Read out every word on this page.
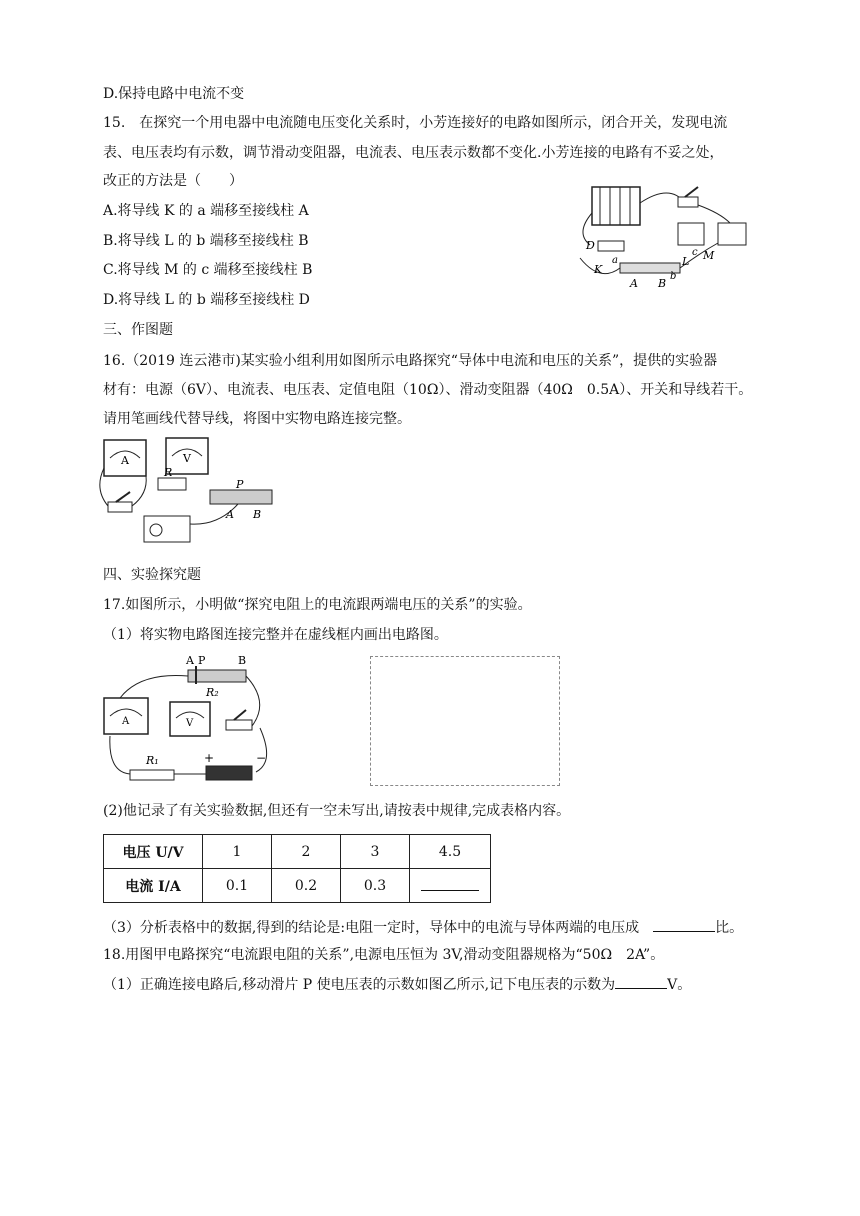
D.保持电路中电流不变
15.　在探究一个用电器中电流随电压变化关系时，小芳连接好的电路如图所示，闭合开关，发现电流
表、电压表均有示数，调节滑动变阻器，电流表、电压表示数都不变化.小芳连接的电路有不妥之处，
改正的方法是（　　）
A.将导线 K 的 a 端移至接线柱 A
B.将导线 L 的 b 端移至接线柱 B
C.将导线 M 的 c 端移至接线柱 B
D.将导线 L 的 b 端移至接线柱 D
D
K
a	L
c M
A B
b
三、作图题
16.（2019 连云港市)某实验小组利用如图所示电路探究“导体中电流和电压的关系”，提供的实验器
材有：电源（6V）、电流表、电压表、定值电阻（10Ω）、滑动变阻器（40Ω　0.5A）、开关和导线若干。
请用笔画线代替导线，将图中实物电路连接完整。
A	V
R
P
A B
四、实验探究题
17.如图所示，小明做“探究电阻上的电流跟两端电压的关系”的实验。
（1）将实物电路图连接完整并在虚线框内画出电路图。
A P	B
R₂
A	V
R₁	+	−
(2)他记录了有关实验数据,但还有一空未写出,请按表中规律,完成表格内容。
电压 U/V	1	2	3	4.5
电流 I/A	0.1	0.2	0.3	
（3）分析表格中的数据,得到的结论是:电阻一定时，导体中的电流与导体两端的电压成	比。
18.用图甲电路探究“电流跟电阻的关系”,电源电压恒为 3V,滑动变阻器规格为“50Ω　2A”。
（1）正确连接电路后,移动滑片 P 使电压表的示数如图乙所示,记下电压表的示数为	V。
